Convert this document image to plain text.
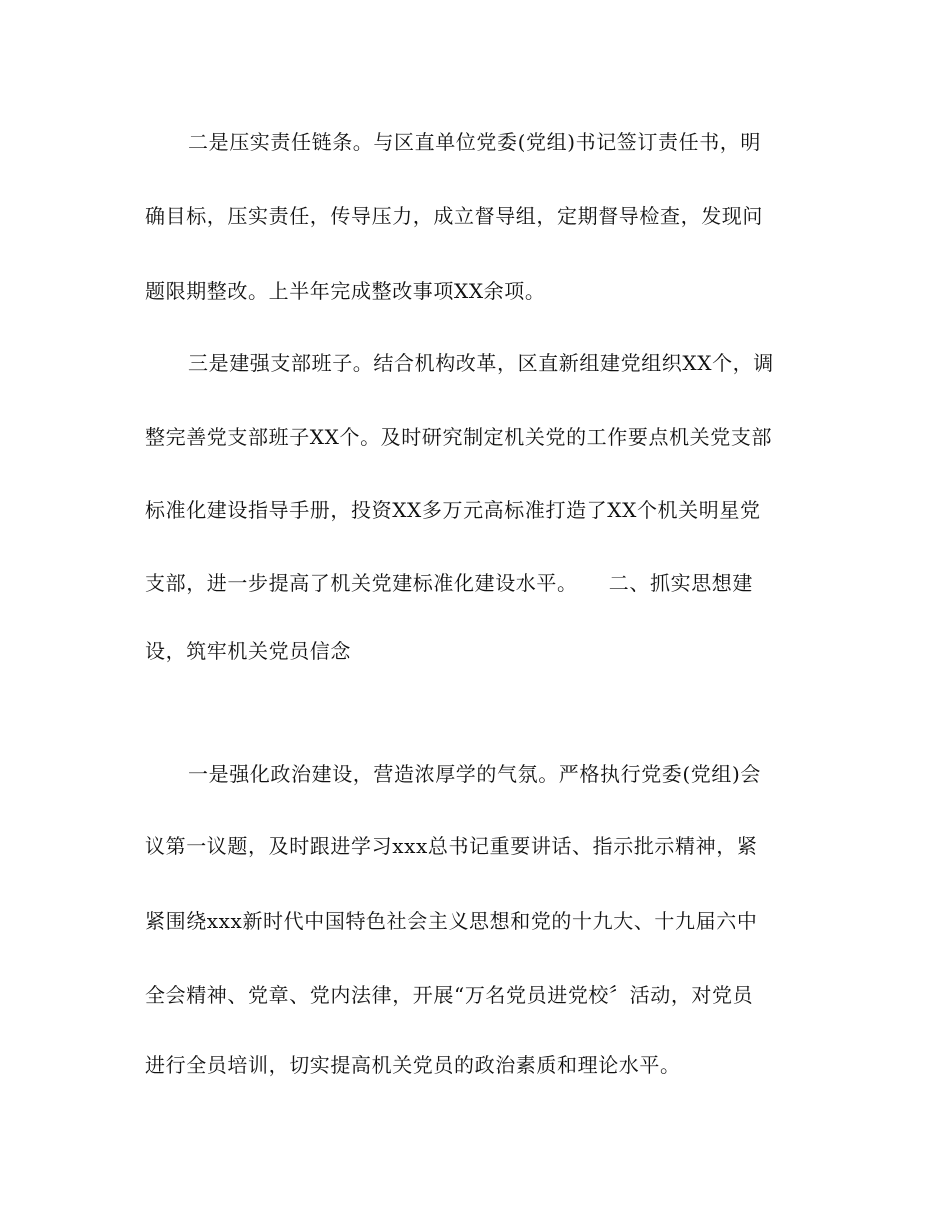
二是压实责任链条。与区直单位党委(党组)书记签订责任书，明

确目标，压实责任，传导压力，成立督导组，定期督导检查，发现问

题限期整改。上半年完成整改事项XX余项。

三是建强支部班子。结合机构改革，区直新组建党组织XX个，调

整完善党支部班子XX个。及时研究制定机关党的工作要点机关党支部

标准化建设指导手册，投资XX多万元高标准打造了XX个机关明星党

支部，进一步提高了机关党建标准化建设水平。　　二、抓实思想建

设，筑牢机关党员信念

一是强化政治建设，营造浓厚学的气氛。严格执行党委(党组)会

议第一议题，及时跟进学习xxx总书记重要讲话、指示批示精神，紧

紧围绕xxx新时代中国特色社会主义思想和党的十九大、十九届六中

全会精神、党章、党内法律，开展“万名党员进党校〞活动，对党员

进行全员培训，切实提高机关党员的政治素质和理论水平。
